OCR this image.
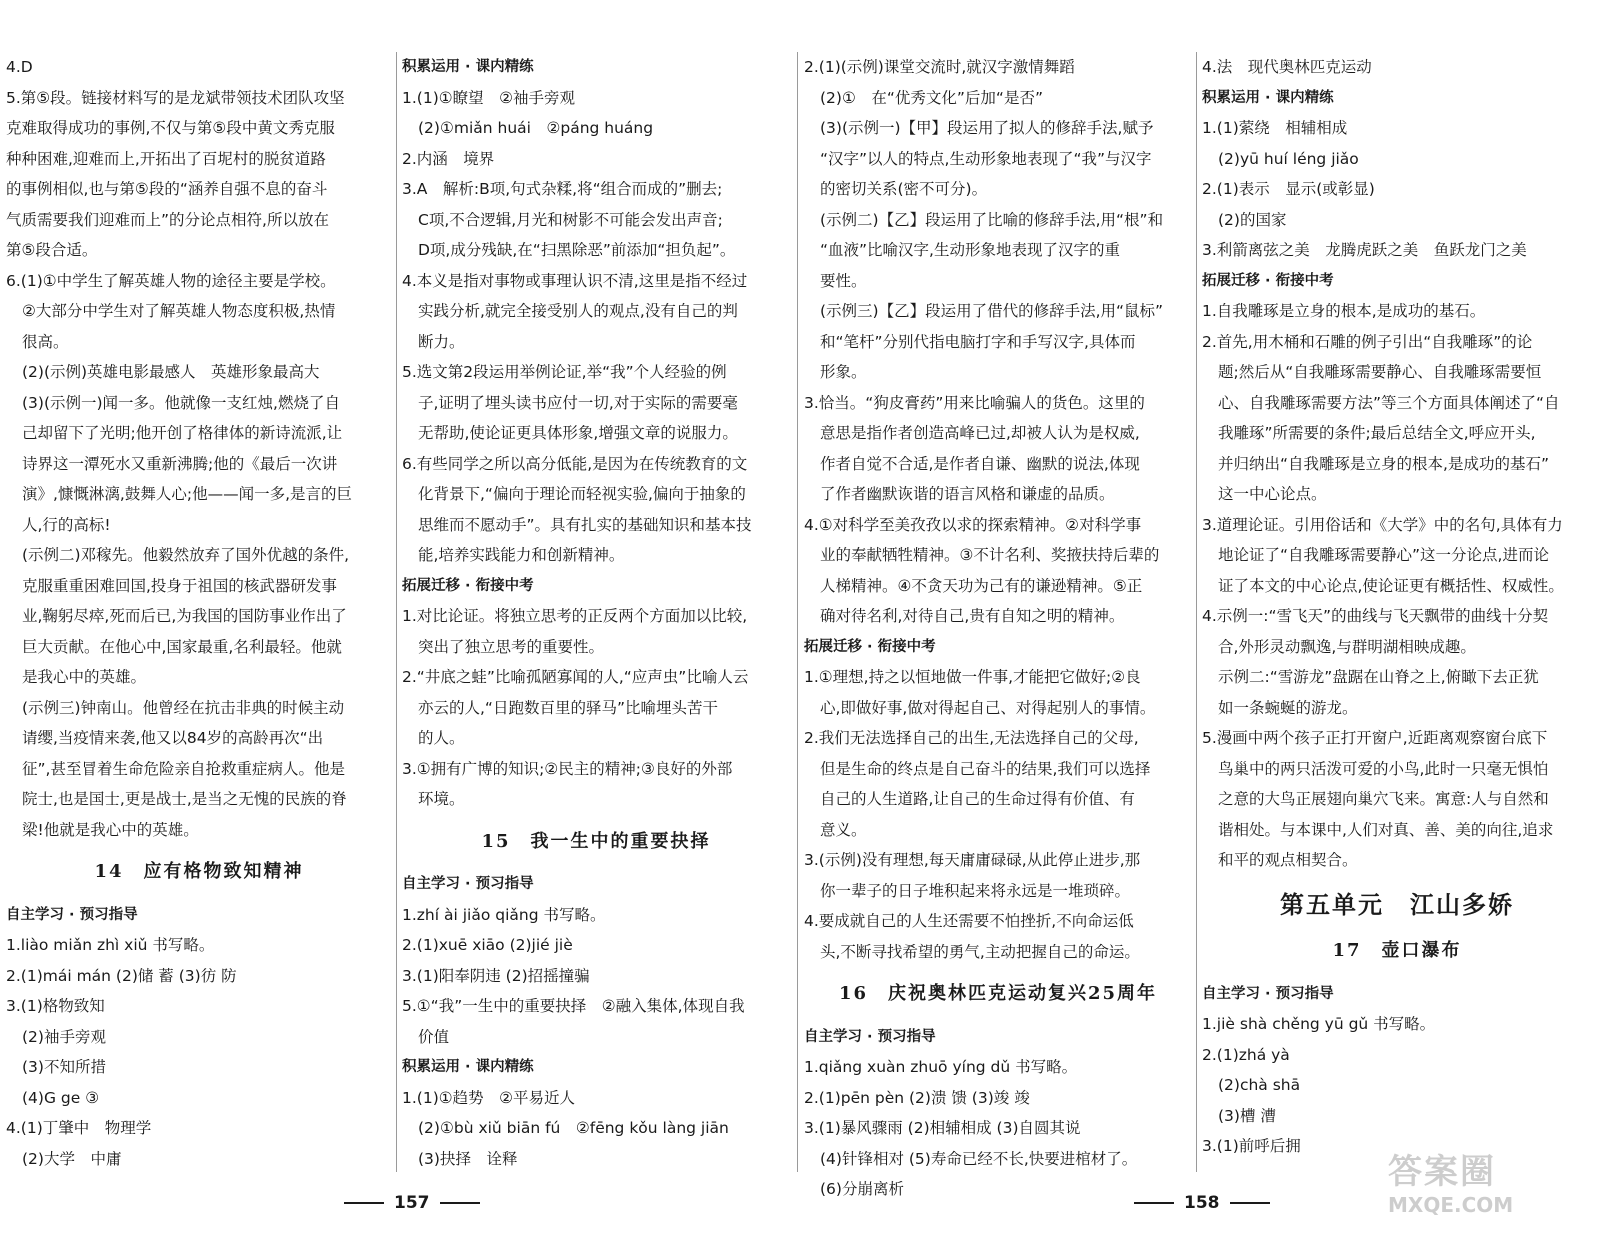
4.D
5.第⑤段。链接材料写的是龙斌带领技术团队攻坚
克难取得成功的事例,不仅与第⑤段中黄文秀克服
种种困难,迎难而上,开拓出了百坭村的脱贫道路
的事例相似,也与第⑤段的“涵养自强不息的奋斗
气质需要我们迎难而上”的分论点相符,所以放在
第⑤段合适。
6.(1)①中学生了解英雄人物的途径主要是学校。
②大部分中学生对了解英雄人物态度积极,热情
很高。
(2)(示例)英雄电影最感人　英雄形象最高大
(3)(示例一)闻一多。他就像一支红烛,燃烧了自
己却留下了光明;他开创了格律体的新诗流派,让
诗界这一潭死水又重新沸腾;他的《最后一次讲
演》,慷慨淋漓,鼓舞人心;他——闻一多,是言的巨
人,行的高标!
(示例二)邓稼先。他毅然放弃了国外优越的条件,
克服重重困难回国,投身于祖国的核武器研发事
业,鞠躬尽瘁,死而后已,为我国的国防事业作出了
巨大贡献。在他心中,国家最重,名利最轻。他就
是我心中的英雄。
(示例三)钟南山。他曾经在抗击非典的时候主动
请缨,当疫情来袭,他又以84岁的高龄再次“出
征”,甚至冒着生命危险亲自抢救重症病人。他是
院士,也是国士,更是战士,是当之无愧的民族的脊
梁!他就是我心中的英雄。
14　应有格物致知精神
自主学习 · 预习指导
1.liào miǎn zhì xiǔ 书写略。
2.(1)mái mán (2)储 蓄 (3)彷 防
3.(1)格物致知
(2)袖手旁观
(3)不知所措
(4)G ge ③
4.(1)丁肇中　物理学
(2)大学　中庸
积累运用 · 课内精练
1.(1)①瞭望　②袖手旁观
(2)①miǎn huái　②páng huáng
2.内涵　境界
3.A　解析:B项,句式杂糅,将“组合而成的”删去;
C项,不合逻辑,月光和树影不可能会发出声音;
D项,成分残缺,在“扫黑除恶”前添加“担负起”。
4.本义是指对事物或事理认识不清,这里是指不经过
实践分析,就完全接受别人的观点,没有自己的判
断力。
5.选文第2段运用举例论证,举“我”个人经验的例
子,证明了埋头读书应付一切,对于实际的需要毫
无帮助,使论证更具体形象,增强文章的说服力。
6.有些同学之所以高分低能,是因为在传统教育的文
化背景下,“偏向于理论而轻视实验,偏向于抽象的
思维而不愿动手”。具有扎实的基础知识和基本技
能,培养实践能力和创新精神。
拓展迁移 · 衔接中考
1.对比论证。将独立思考的正反两个方面加以比较,
突出了独立思考的重要性。
2.“井底之蛙”比喻孤陋寡闻的人,“应声虫”比喻人云
亦云的人,“日跑数百里的驿马”比喻埋头苦干
的人。
3.①拥有广博的知识;②民主的精神;③良好的外部
环境。
15　我一生中的重要抉择
自主学习 · 预习指导
1.zhí ài jiǎo qiǎng 书写略。
2.(1)xuē xiāo (2)jié jiè
3.(1)阳奉阴违 (2)招摇撞骗
5.①“我”一生中的重要抉择　②融入集体,体现自我
价值
积累运用 · 课内精练
1.(1)①趋势　②平易近人
(2)①bù xiǔ biān fú　②fēng kǒu làng jiān
(3)抉择　诠释
2.(1)(示例)课堂交流时,就汉字激情舞蹈
(2)①　在“优秀文化”后加“是否”
(3)(示例一)【甲】段运用了拟人的修辞手法,赋予
“汉字”以人的特点,生动形象地表现了“我”与汉字
的密切关系(密不可分)。
(示例二)【乙】段运用了比喻的修辞手法,用“根”和
“血液”比喻汉字,生动形象地表现了汉字的重
要性。
(示例三)【乙】段运用了借代的修辞手法,用“鼠标”
和“笔杆”分别代指电脑打字和手写汉字,具体而
形象。
3.恰当。“狗皮膏药”用来比喻骗人的货色。这里的
意思是指作者创造高峰已过,却被人认为是权威,
作者自觉不合适,是作者自谦、幽默的说法,体现
了作者幽默诙谐的语言风格和谦虚的品质。
4.①对科学至美孜孜以求的探索精神。②对科学事
业的奉献牺牲精神。③不计名利、奖掖扶持后辈的
人梯精神。④不贪天功为己有的谦逊精神。⑤正
确对待名利,对待自己,贵有自知之明的精神。
拓展迁移 · 衔接中考
1.①理想,持之以恒地做一件事,才能把它做好;②良
心,即做好事,做对得起自己、对得起别人的事情。
2.我们无法选择自己的出生,无法选择自己的父母,
但是生命的终点是自己奋斗的结果,我们可以选择
自己的人生道路,让自己的生命过得有价值、有
意义。
3.(示例)没有理想,每天庸庸碌碌,从此停止进步,那
你一辈子的日子堆积起来将永远是一堆琐碎。
4.要成就自己的人生还需要不怕挫折,不向命运低
头,不断寻找希望的勇气,主动把握自己的命运。
16　庆祝奥林匹克运动复兴25周年
自主学习 · 预习指导
1.qiǎng xuàn zhuō yíng dǔ 书写略。
2.(1)pēn pèn (2)溃 馈 (3)竣 竣
3.(1)暴风骤雨 (2)相辅相成 (3)自圆其说
(4)针锋相对 (5)寿命已经不长,快要进棺材了。
(6)分崩离析
4.法　现代奥林匹克运动
积累运用 · 课内精练
1.(1)萦绕　相辅相成
(2)yū huí léng jiǎo
2.(1)表示　显示(或彰显)
(2)的国家
3.利箭离弦之美　龙腾虎跃之美　鱼跃龙门之美
拓展迁移 · 衔接中考
1.自我雕琢是立身的根本,是成功的基石。
2.首先,用木桶和石雕的例子引出“自我雕琢”的论
题;然后从“自我雕琢需要静心、自我雕琢需要恒
心、自我雕琢需要方法”等三个方面具体阐述了“自
我雕琢”所需要的条件;最后总结全文,呼应开头,
并归纳出“自我雕琢是立身的根本,是成功的基石”
这一中心论点。
3.道理论证。引用俗话和《大学》中的名句,具体有力
地论证了“自我雕琢需要静心”这一分论点,进而论
证了本文的中心论点,使论证更有概括性、权威性。
4.示例一:“雪飞天”的曲线与飞天飘带的曲线十分契
合,外形灵动飘逸,与群明湖相映成趣。
示例二:“雪游龙”盘踞在山脊之上,俯瞰下去正犹
如一条蜿蜒的游龙。
5.漫画中两个孩子正打开窗户,近距离观察窗台底下
鸟巢中的两只活泼可爱的小鸟,此时一只毫无惧怕
之意的大鸟正展翅向巢穴飞来。寓意:人与自然和
谐相处。与本课中,人们对真、善、美的向往,追求
和平的观点相契合。
第五单元　江山多娇
17　壶口瀑布
自主学习 · 预习指导
1.jiè shà chěng yū gǔ 书写略。
2.(1)zhá yà
(2)chà shā
(3)槽 漕
3.(1)前呼后拥
157	158
答案圈
MXQE.COM
